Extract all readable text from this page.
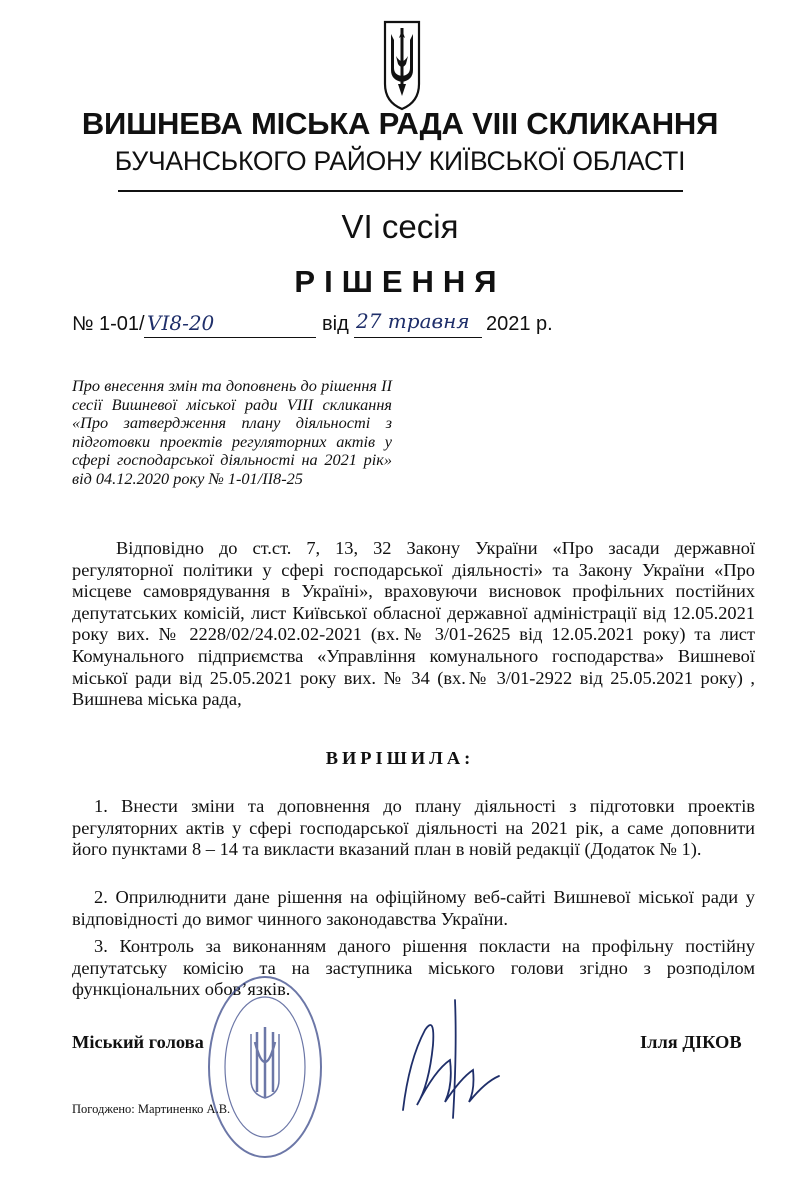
ВИШНЕВА МІСЬКА РАДА VIII СКЛИКАННЯ
БУЧАНСЬКОГО РАЙОНУ КИЇВСЬКОЇ ОБЛАСТІ
VI сесія
РІШЕННЯ
№ 1-01/ VI8-20	від 27 травня 2021 р.
Про внесення змін та доповнень до рішення II сесії Вишневої міської ради VIII скликання «Про затвердження плану діяльності з підготовки проектів регуляторних актів у сфері господарської діяльності на 2021 рік» від 04.12.2020 року № 1-01/II8-25
Відповідно до ст.ст. 7, 13, 32 Закону України «Про засади державної регуляторної політики у сфері господарської діяльності» та Закону України «Про місцеве самоврядування в Україні», враховуючи висновок профільних постійних депутатських комісій, лист Київської обласної державної адміністрації від 12.05.2021 року вих. № 2228/02/24.02.02-2021 (вх.№ 3/01-2625 від 12.05.2021 року) та лист Комунального підприємства «Управління комунального господарства» Вишневої міської ради від 25.05.2021 року вих. № 34 (вх.№ 3/01-2922 від 25.05.2021 року) , Вишнева міська рада,
ВИРІШИЛА:
1. Внести зміни та доповнення до плану діяльності з підготовки проектів регуляторних актів у сфері господарської діяльності на 2021 рік, а саме доповнити його пунктами 8 – 14 та викласти вказаний план в новій редакції (Додаток № 1).
2. Оприлюднити дане рішення на офіційному веб-сайті Вишневої міської ради у відповідності до вимог чинного законодавства України.
3. Контроль за виконанням даного рішення покласти на профільну постійну депутатську комісію та на заступника міського голови згідно з розподілом функціональних обов’язків.
Міський голова	Ілля ДІКОВ
Погоджено: Мартиненко А.В.
